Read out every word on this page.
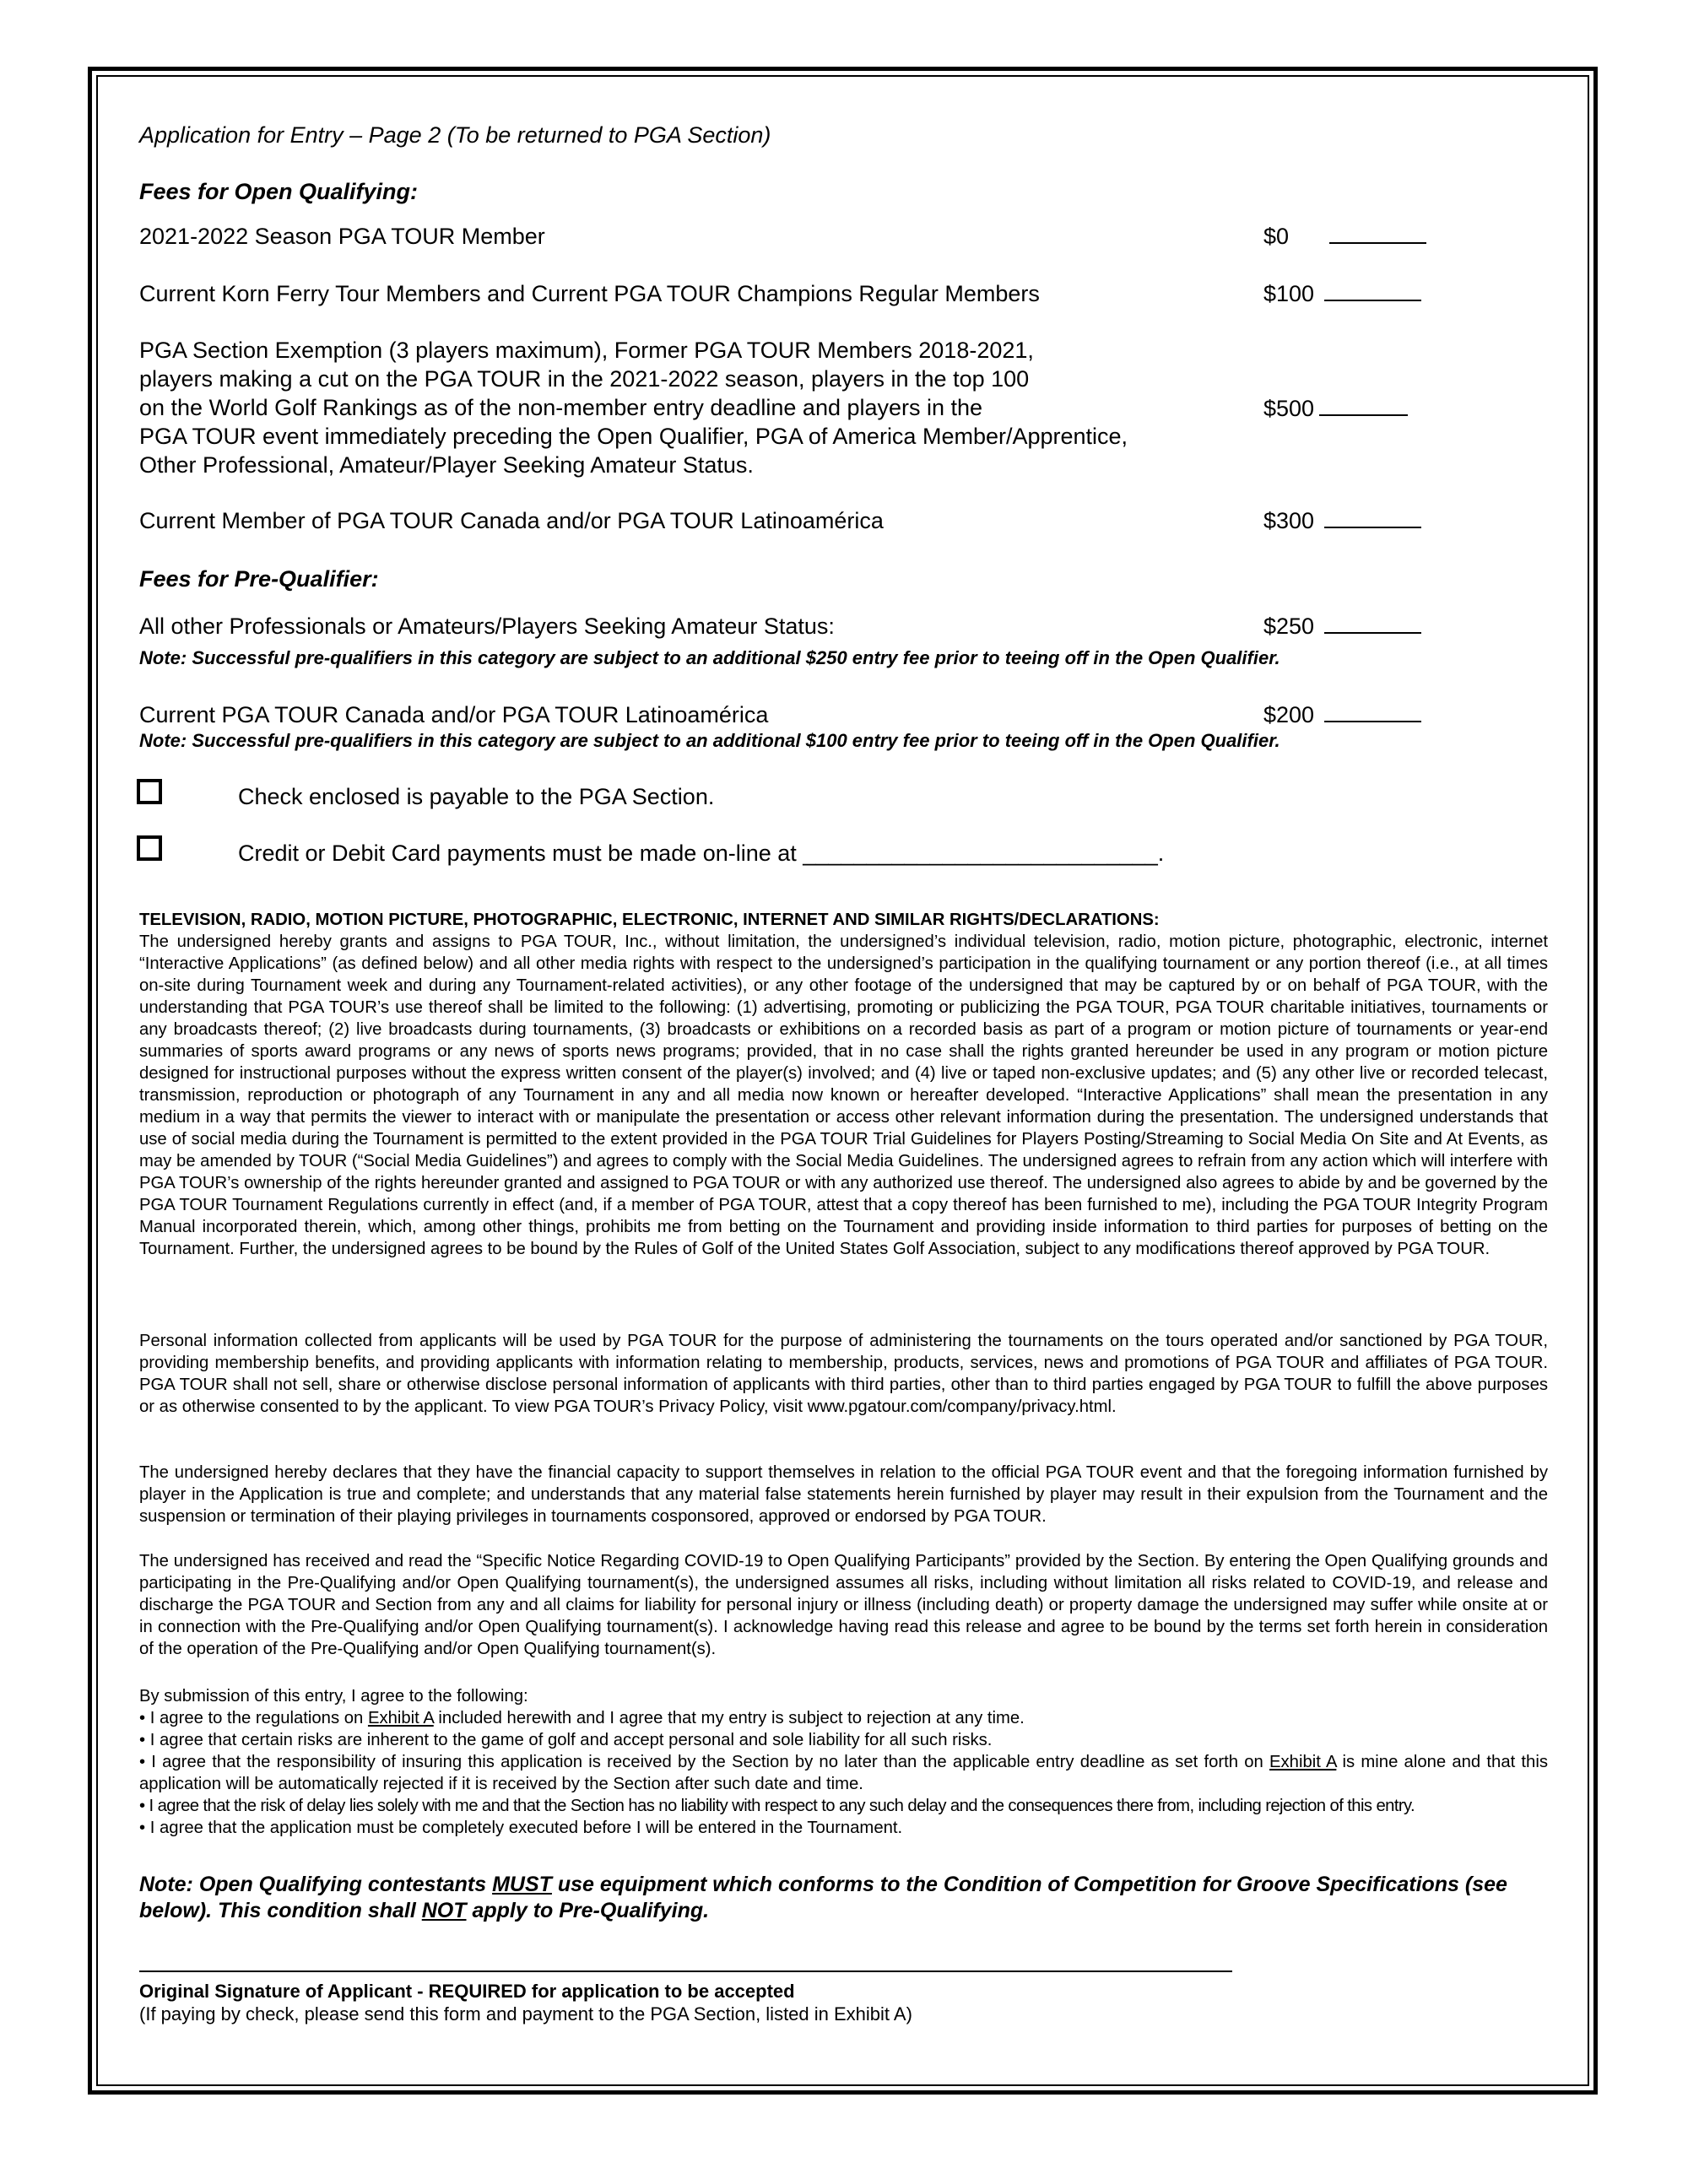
Application for Entry – Page 2 (To be returned to PGA Section)
Fees for Open Qualifying:
2021-2022 Season PGA TOUR Member	$0
Current Korn Ferry Tour Members and Current PGA TOUR Champions Regular Members	$100
PGA Section Exemption (3 players maximum), Former PGA TOUR Members 2018-2021,
players making a cut on the PGA TOUR in the 2021-2022 season, players in the top 100
on the World Golf Rankings as of the non-member entry deadline and players in the
PGA TOUR event immediately preceding the Open Qualifier, PGA of America Member/Apprentice,
Other Professional, Amateur/Player Seeking Amateur Status.
$500
Current Member of PGA TOUR Canada and/or PGA TOUR Latinoamérica	$300
Fees for Pre-Qualifier:
All other Professionals or Amateurs/Players Seeking Amateur Status:	$250
Note: Successful pre-qualifiers in this category are subject to an additional $250 entry fee prior to teeing off in the Open Qualifier.
Current PGA TOUR Canada and/or PGA TOUR Latinoamérica	$200
Note: Successful pre-qualifiers in this category are subject to an additional $100 entry fee prior to teeing off in the Open Qualifier.
Check enclosed is payable to the PGA Section.
Credit or Debit Card payments must be made on-line at ____________________________.

TELEVISION, RADIO, MOTION PICTURE, PHOTOGRAPHIC, ELECTRONIC, INTERNET AND SIMILAR RIGHTS/DECLARATIONS:

The undersigned hereby grants and assigns to PGA TOUR, Inc., without limitation, the undersigned’s individual television, radio, motion picture, photographic, electronic, internet “Interactive Applications” (as defined below) and all other media rights with respect to the undersigned’s participation in the qualifying tournament or any portion thereof (i.e., at all times on-site during Tournament week and during any Tournament-related activities), or any other footage of the undersigned that may be captured by or on behalf of PGA TOUR, with the understanding that PGA TOUR’s use thereof shall be limited to the following: (1) advertising, promoting or publicizing the PGA TOUR, PGA TOUR charitable initiatives, tournaments or any broadcasts thereof; (2) live broadcasts during tournaments, (3) broadcasts or exhibitions on a recorded basis as part of a program or motion picture of tournaments or year-end summaries of sports award programs or any news of sports news programs; provided, that in no case shall the rights granted hereunder be used in any program or motion picture designed for instructional purposes without the express written consent of the player(s) involved; and (4) live or taped non-exclusive updates; and (5) any other live or recorded telecast, transmission, reproduction or photograph of any Tournament in any and all media now known or hereafter developed. “Interactive Applications” shall mean the presentation in any medium in a way that permits the viewer to interact with or manipulate the presentation or access other relevant information during the presentation. The undersigned understands that use of social media during the Tournament is permitted to the extent provided in the PGA TOUR Trial Guidelines for Players Posting/Streaming to Social Media On Site and At Events, as may be amended by TOUR (“Social Media Guidelines”) and agrees to comply with the Social Media Guidelines. The undersigned agrees to refrain from any action which will interfere with PGA TOUR’s ownership of the rights hereunder granted and assigned to PGA TOUR or with any authorized use thereof. The undersigned also agrees to abide by and be governed by the PGA TOUR Tournament Regulations currently in effect (and, if a member of PGA TOUR, attest that a copy thereof has been furnished to me), including the PGA TOUR Integrity Program Manual incorporated therein, which, among other things, prohibits me from betting on the Tournament and providing inside information to third parties for purposes of betting on the Tournament. Further, the undersigned agrees to be bound by the Rules of Golf of the United States Golf Association, subject to any modifications thereof approved by PGA TOUR.

Personal information collected from applicants will be used by PGA TOUR for the purpose of administering the tournaments on the tours operated and/or sanctioned by PGA TOUR, providing membership benefits, and providing applicants with information relating to membership, products, services, news and promotions of PGA TOUR and affiliates of PGA TOUR. PGA TOUR shall not sell, share or otherwise disclose personal information of applicants with third parties, other than to third parties engaged by PGA TOUR to fulfill the above purposes or as otherwise consented to by the applicant. To view PGA TOUR’s Privacy Policy, visit www.pgatour.com/company/privacy.html.
The undersigned hereby declares that they have the financial capacity to support themselves in relation to the official PGA TOUR event and that the foregoing information furnished by player in the Application is true and complete; and understands that any material false statements herein furnished by player may result in their expulsion from the Tournament and the suspension or termination of their playing privileges in tournaments cosponsored, approved or endorsed by PGA TOUR.
The undersigned has received and read the “Specific Notice Regarding COVID-19 to Open Qualifying Participants” provided by the Section. By entering the Open Qualifying grounds and participating in the Pre-Qualifying and/or Open Qualifying tournament(s), the undersigned assumes all risks, including without limitation all risks related to COVID-19, and release and discharge the PGA TOUR and Section from any and all claims for liability for personal injury or illness (including death) or property damage the undersigned may suffer while onsite at or in connection with the Pre-Qualifying and/or Open Qualifying tournament(s). I acknowledge having read this release and agree to be bound by the terms set forth herein in consideration of the operation of the Pre-Qualifying and/or Open Qualifying tournament(s).

By submission of this entry, I agree to the following:

• I agree to the regulations on Exhibit A included herewith and I agree that my entry is subject to rejection at any time.

• I agree that certain risks are inherent to the game of golf and accept personal and sole liability for all such risks.

• I agree that the responsibility of insuring this application is received by the Section by no later than the applicable entry deadline as set forth on Exhibit A is mine alone and that this application will be automatically rejected if it is received by the Section after such date and time.

• I agree that the risk of delay lies solely with me and that the Section has no liability with respect to any such delay and the consequences there from, including rejection of this entry.

• I agree that the application must be completely executed before I will be entered in the Tournament.

Note: Open Qualifying contestants MUST use equipment which conforms to the Condition of Competition for Groove Specifications (see below). This condition shall NOT apply to Pre-Qualifying.
Original Signature of Applicant - REQUIRED for application to be accepted
(If paying by check, please send this form and payment to the PGA Section, listed in Exhibit A)
